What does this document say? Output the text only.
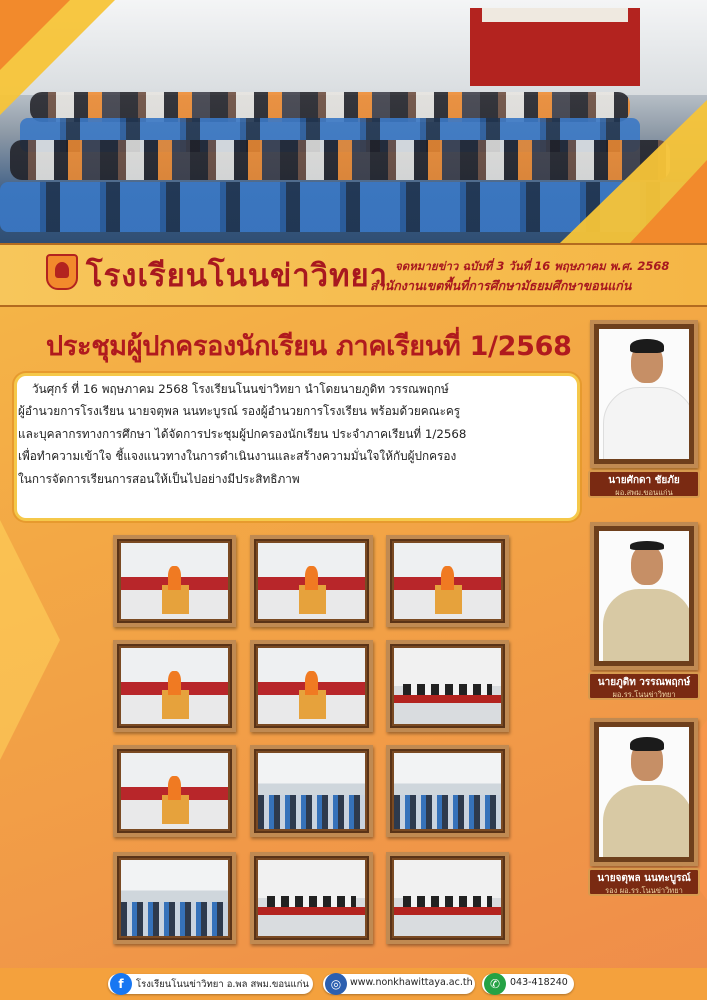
โรงเรียนโนนข่าวิทยา จดหมายข่าว ฉบับที่ 3 วันที่ 16 พฤษภาคม พ.ศ. 2568
สำนักงานเขตพื้นที่การศึกษามัธยมศึกษาขอนแก่น
ประชุมผู้ปกครองนักเรียน ภาคเรียนที่ 1/2568
วันศุกร์ ที่ 16 พฤษภาคม 2568 โรงเรียนโนนข่าวิทยา นำโดยนายภูดิท วรรณพฤกษ์
ผู้อำนวยการโรงเรียน นายจตุพล นนทะบูรณ์ รองผู้อำนวยการโรงเรียน พร้อมด้วยคณะครู
และบุคลากรทางการศึกษา ได้จัดการประชุมผู้ปกครองนักเรียน ประจำภาคเรียนที่ 1/2568
เพื่อทำความเข้าใจ ชี้แจงแนวทางในการดำเนินงานและสร้างความมั่นใจให้กับผู้ปกครอง
ในการจัดการเรียนการสอนให้เป็นไปอย่างมีประสิทธิภาพ	นายศักดา ชัยภัย
ผอ.สพม.ขอนแก่น
นายภูดิท วรรณพฤกษ์
ผอ.รร.โนนข่าวิทยา
นายจตุพล นนทะบูรณ์
รอง ผอ.รร.โนนข่าวิทยา
f	โรงเรียนโนนข่าวิทยา อ.พล สพม.ขอนแก่น	◎ www.nonkhawittaya.ac.th	✆	043-418240
